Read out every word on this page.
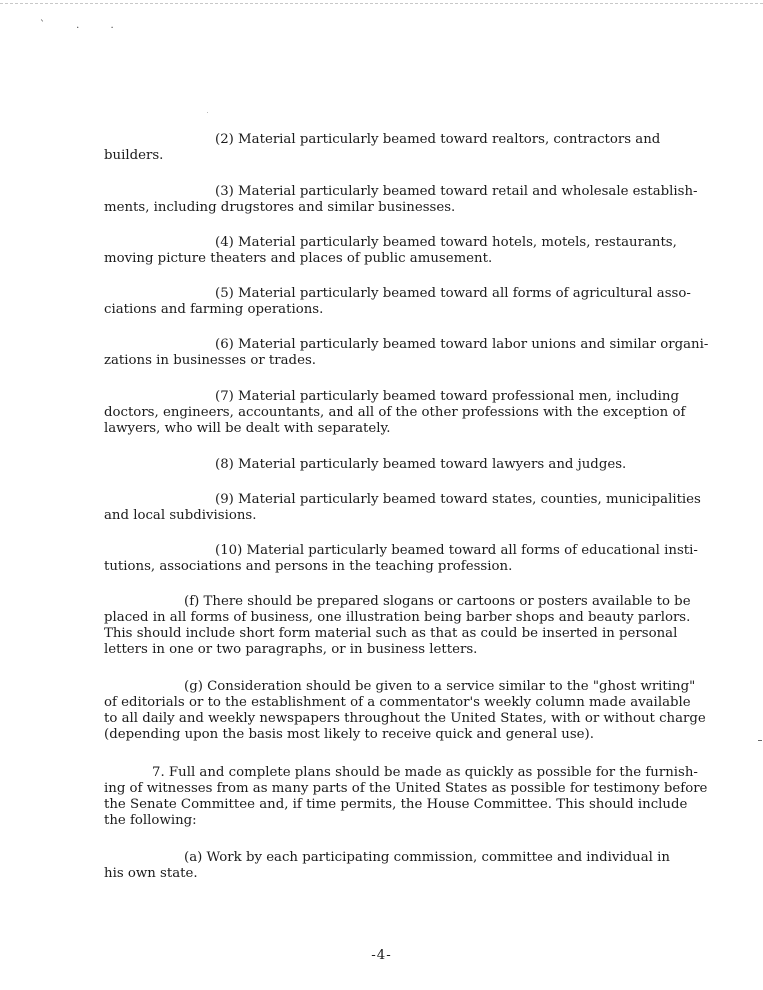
` . .

(2) Material particularly beamed toward realtors, contractors and
builders.

(3) Material particularly beamed toward retail and wholesale establish-
ments, including drugstores and similar businesses.

(4) Material particularly beamed toward hotels, motels, restaurants,
moving picture theaters and places of public amusement.

(5) Material particularly beamed toward all forms of agricultural asso-
ciations and farming operations.

(6) Material particularly beamed toward labor unions and similar organi-
zations in businesses or trades.

(7) Material particularly beamed toward professional men, including
doctors, engineers, accountants, and all of the other professions with the exception of
lawyers, who will be dealt with separately.

(8) Material particularly beamed toward lawyers and judges.

(9) Material particularly beamed toward states, counties, municipalities
and local subdivisions.

(10) Material particularly beamed toward all forms of educational insti-
tutions, associations and persons in the teaching profession.

(f) There should be prepared slogans or cartoons or posters available to be
placed in all forms of business, one illustration being barber shops and beauty parlors.
This should include short form material such as that as could be inserted in personal
letters in one or two paragraphs, or in business letters.

(g) Consideration should be given to a service similar to the "ghost writing"
of editorials or to the establishment of a commentator's weekly column made available
to all daily and weekly newspapers throughout the United States, with or without charge
(depending upon the basis most likely to receive quick and general use).

7. Full and complete plans should be made as quickly as possible for the furnish-
ing of witnesses from as many parts of the United States as possible for testimony before
the Senate Committee and, if time permits, the House Committee. This should include
the following:

(a) Work by each participating commission, committee and individual in
his own state.

-4-
